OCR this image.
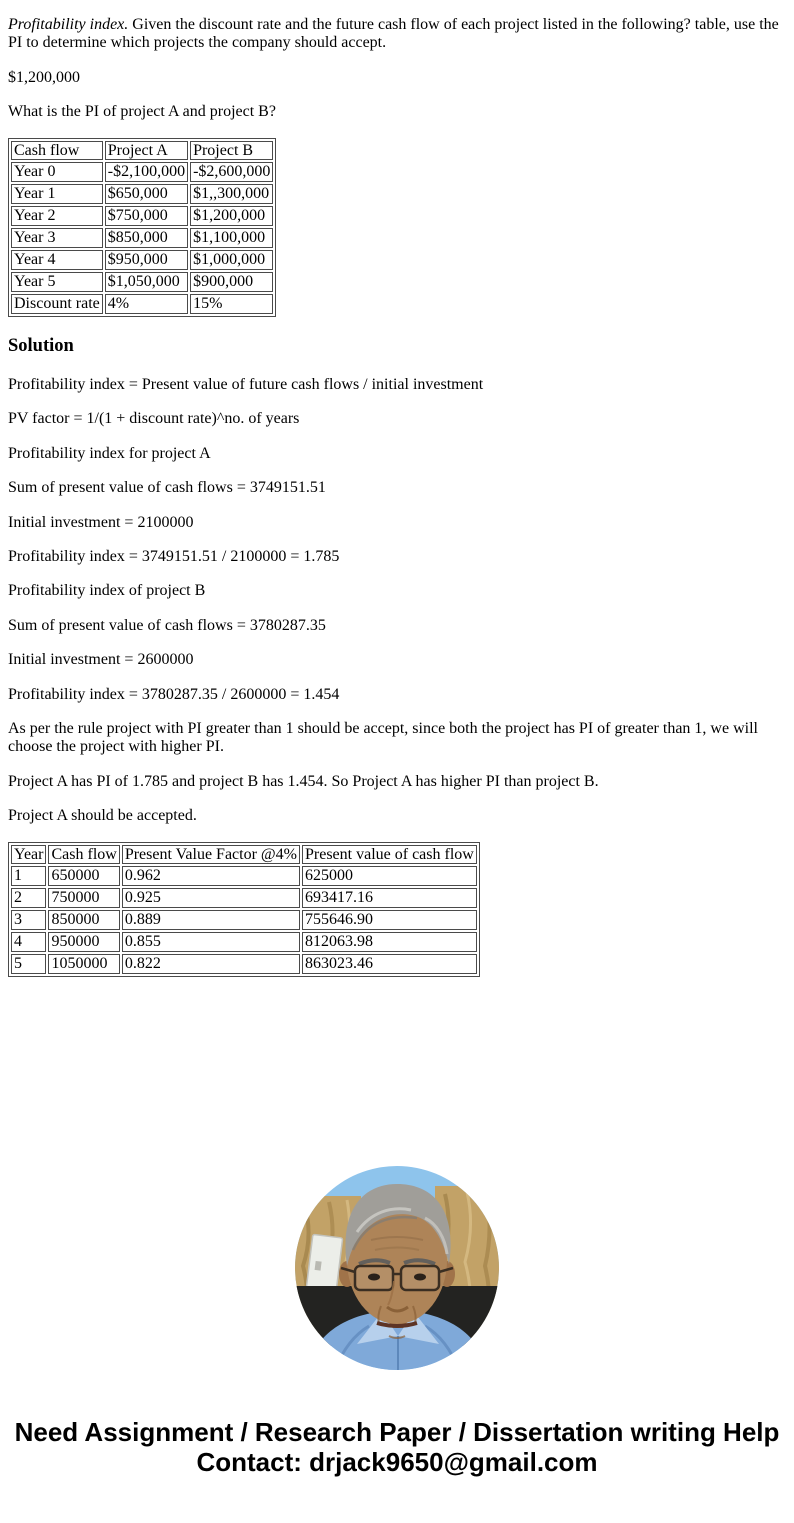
Profitability index. Given the discount rate and the future cash flow of each project listed in the following? table, use the PI to determine which projects the company should accept.

$1,200,000

What is the PI of project A and project B?

Cash flow	Project A	Project B
Year 0	-$2,100,000	-$2,600,000
Year 1	$650,000	$1,,300,000
Year 2	$750,000	$1,200,000
Year 3	$850,000	$1,100,000
Year 4	$950,000	$1,000,000
Year 5	$1,050,000	$900,000
Discount rate	4%	15%
Solution

Profitability index = Present value of future cash flows / initial investment

PV factor = 1/(1 + discount rate)^no. of years

Profitability index for project A

Sum of present value of cash flows = 3749151.51

Initial investment = 2100000

Profitability index = 3749151.51 / 2100000 = 1.785

Profitability index of project B

Sum of present value of cash flows = 3780287.35

Initial investment = 2600000

Profitability index = 3780287.35 / 2600000 = 1.454

As per the rule project with PI greater than 1 should be accept, since both the project has PI of greater than 1, we will choose the project with higher PI.

Project A has PI of 1.785 and project B has 1.454. So Project A has higher PI than project B.

Project A should be accepted.

Year	Cash flow	Present Value Factor @4%	Present value of cash flow
1	650000	0.962	625000
2	750000	0.925	693417.16
3	850000	0.889	755646.90
4	950000	0.855	812063.98
5	1050000	0.822	863023.46
Need Assignment / Research Paper / Dissertation writing Help
Contact: drjack9650@gmail.com
